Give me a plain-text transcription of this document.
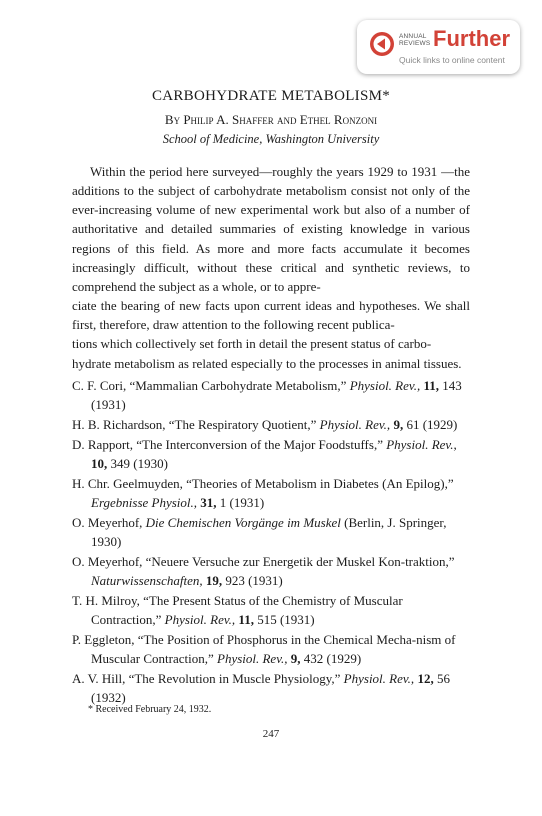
ANNUAL
REVIEWS Further
Quick links to online content
CARBOHYDRATE METABOLISM*
By Philip A. Shaffer and Ethel Ronzoni
School of Medicine, Washington University

Within the period here surveyed—roughly the years 1929 to 1931 —the additions to the subject of carbohydrate metabolism consist not only of the ever-increasing volume of new experimental work but also of a number of authoritative and detailed summaries of existing knowledge in various regions of this field. As more and more facts accumulate it becomes increasingly difficult, without these critical and synthetic reviews, to comprehend the subject as a whole, or to appre-
ciate the bearing of new facts upon current ideas and hypotheses. We shall first, therefore, draw attention to the following recent publica-
tions which collectively set forth in detail the present status of carbo-
hydrate metabolism as related especially to the processes in animal tissues.

C. F. Cori, “Mammalian Carbohydrate Metabolism,” Physiol. Rev., 11, 143 (1931)
H. B. Richardson, “The Respiratory Quotient,” Physiol. Rev., 9, 61 (1929)
D. Rapport, “The Interconversion of the Major Foodstuffs,” Physiol. Rev., 10, 349 (1930)
H. Chr. Geelmuyden, “Theories of Metabolism in Diabetes (An Epilog),” Ergebnisse Physiol., 31, 1 (1931)
O. Meyerhof, Die Chemischen Vorgänge im Muskel (Berlin, J. Springer, 1930)
O. Meyerhof, “Neuere Versuche zur Energetik der Muskel Kon-traktion,” Naturwissenschaften, 19, 923 (1931)
T. H. Milroy, “The Present Status of the Chemistry of Muscular Contraction,” Physiol. Rev., 11, 515 (1931)
P. Eggleton, “The Position of Phosphorus in the Chemical Mecha-nism of Muscular Contraction,” Physiol. Rev., 9, 432 (1929)
A. V. Hill, “The Revolution in Muscle Physiology,” Physiol. Rev., 12, 56 (1932)
* Received February 24, 1932.
247
